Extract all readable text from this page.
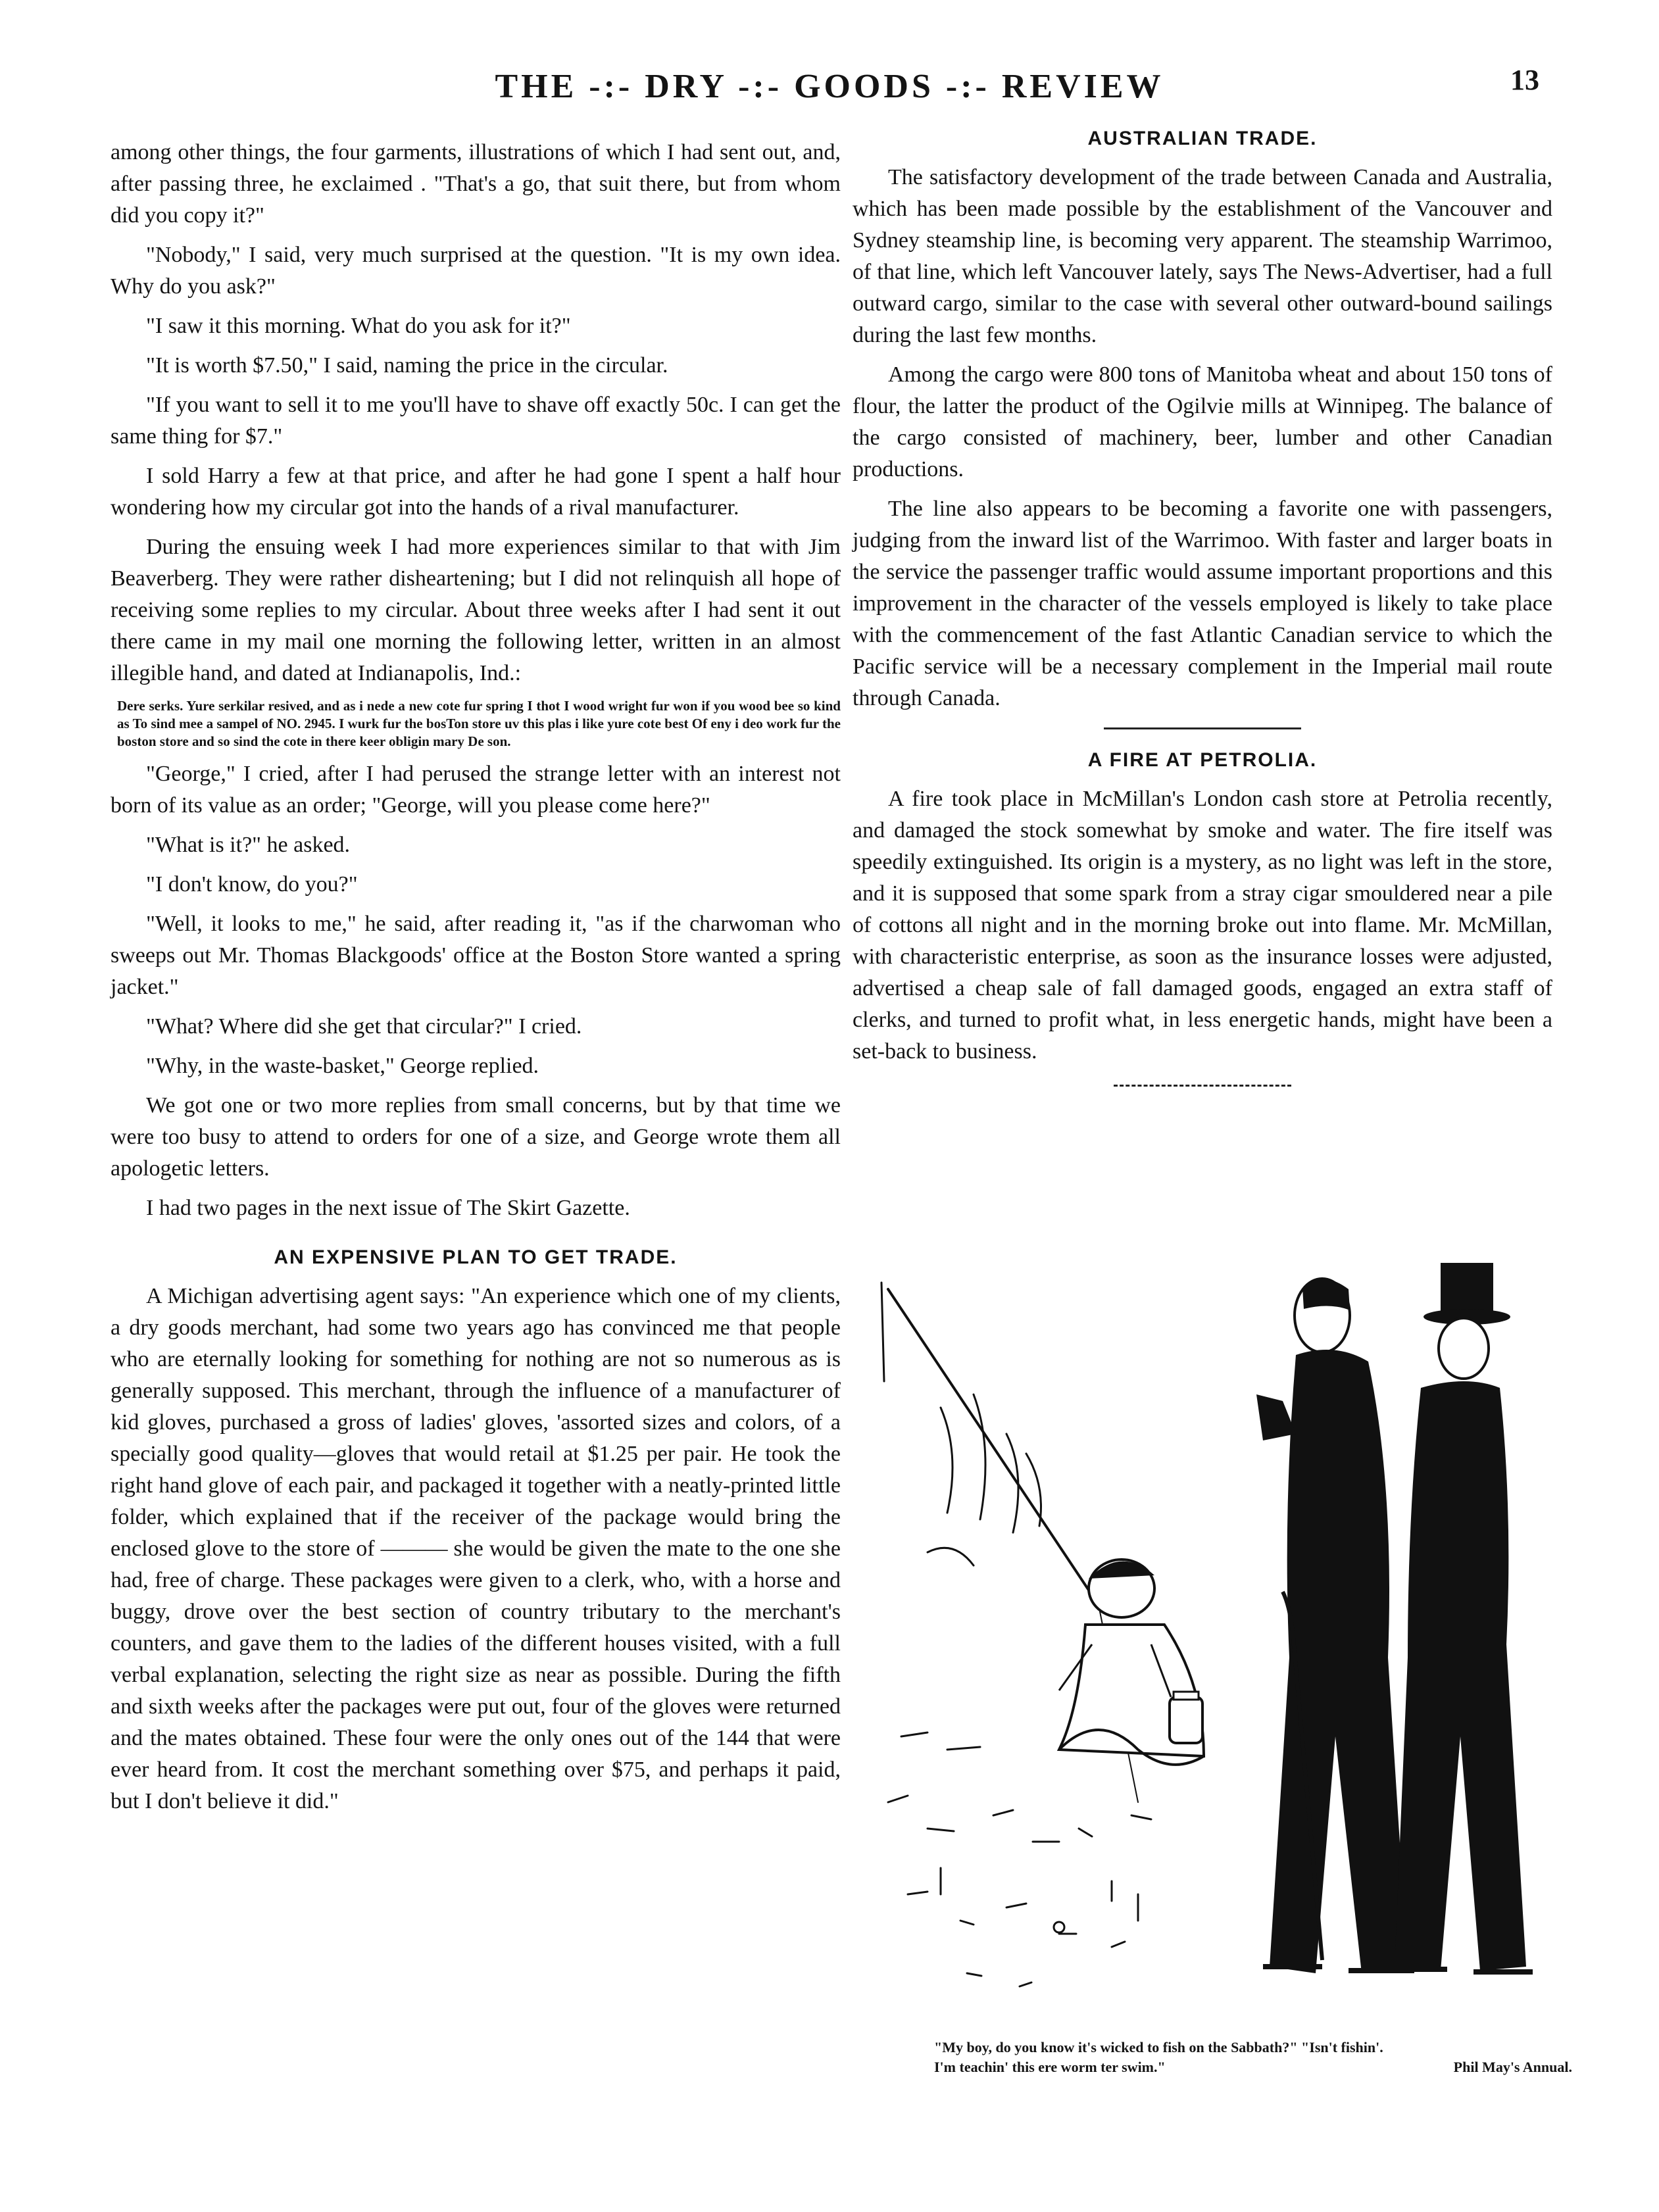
THE -:- DRY -:- GOODS -:- REVIEW	13

among other things, the four garments, illustrations of which I had sent out, and, after passing three, he exclaimed . "That's a go, that suit there, but from whom did you copy it?"

"Nobody," I said, very much surprised at the question. "It is my own idea. Why do you ask?"

"I saw it this morning. What do you ask for it?"

"It is worth $7.50," I said, naming the price in the circular.

"If you want to sell it to me you'll have to shave off exactly 50c. I can get the same thing for $7."

I sold Harry a few at that price, and after he had gone I spent a half hour wondering how my circular got into the hands of a rival manufacturer.

During the ensuing week I had more experiences similar to that with Jim Beaverberg. They were rather disheartening; but I did not relinquish all hope of receiving some replies to my circular. About three weeks after I had sent it out there came in my mail one morning the following letter, written in an almost illegible hand, and dated at Indianapolis, Ind.:

Dere serks. Yure serkilar resived, and as i nede a new cote fur spring I thot I wood wright fur won if you wood bee so kind as To sind mee a sampel of NO. 2945. I wurk fur the bosTon store uv this plas i like yure cote best Of eny i deo work fur the boston store and so sind the cote in there keer obligin mary De son.

"George," I cried, after I had perused the strange letter with an interest not born of its value as an order; "George, will you please come here?"

"What is it?" he asked.

"I don't know, do you?"

"Well, it looks to me," he said, after reading it, "as if the charwoman who sweeps out Mr. Thomas Blackgoods' office at the Boston Store wanted a spring jacket."

"What? Where did she get that circular?" I cried.

"Why, in the waste-basket," George replied.

We got one or two more replies from small concerns, but by that time we were too busy to attend to orders for one of a size, and George wrote them all apologetic letters.

I had two pages in the next issue of The Skirt Gazette.

AN EXPENSIVE PLAN TO GET TRADE.

A Michigan advertising agent says: "An experience which one of my clients, a dry goods merchant, had some two years ago has convinced me that people who are eternally looking for something for nothing are not so numerous as is generally supposed. This merchant, through the influence of a manufacturer of kid gloves, purchased a gross of ladies' gloves, 'assorted sizes and colors, of a specially good quality—gloves that would retail at $1.25 per pair. He took the right hand glove of each pair, and packaged it together with a neatly-printed little folder, which explained that if the receiver of the package would bring the enclosed glove to the store of ——— she would be given the mate to the one she had, free of charge. These packages were given to a clerk, who, with a horse and buggy, drove over the best section of country tributary to the merchant's counters, and gave them to the ladies of the different houses visited, with a full verbal explanation, selecting the right size as near as possible. During the fifth and sixth weeks after the packages were put out, four of the gloves were returned and the mates obtained. These four were the only ones out of the 144 that were ever heard from. It cost the merchant something over $75, and perhaps it paid, but I don't believe it did."

AUSTRALIAN TRADE.

The satisfactory development of the trade between Canada and Australia, which has been made possible by the establishment of the Vancouver and Sydney steamship line, is becoming very apparent. The steamship Warrimoo, of that line, which left Vancouver lately, says The News-Advertiser, had a full outward cargo, similar to the case with several other outward-bound sailings during the last few months.

Among the cargo were 800 tons of Manitoba wheat and about 150 tons of flour, the latter the product of the Ogilvie mills at Winnipeg. The balance of the cargo consisted of machinery, beer, lumber and other Canadian productions.

The line also appears to be becoming a favorite one with passengers, judging from the inward list of the Warrimoo. With faster and larger boats in the service the passenger traffic would assume important proportions and this improvement in the character of the vessels employed is likely to take place with the commencement of the fast Atlantic Canadian service to which the Pacific service will be a necessary complement in the Imperial mail route through Canada.

A FIRE AT PETROLIA.

A fire took place in McMillan's London cash store at Petrolia recently, and damaged the stock somewhat by smoke and water. The fire itself was speedily extinguished. Its origin is a mystery, as no light was left in the store, and it is supposed that some spark from a stray cigar smouldered near a pile of cottons all night and in the morning broke out into flame. Mr. McMillan, with characteristic enterprise, as soon as the insurance losses were adjusted, advertised a cheap sale of fall damaged goods, engaged an extra staff of clerks, and turned to profit what, in less energetic hands, might have been a set-back to business.

"My boy, do you know it's wicked to fish on the Sabbath?" "Isn't fishin'. I'm teachin' this ere worm ter swim."	Phil May's Annual.
